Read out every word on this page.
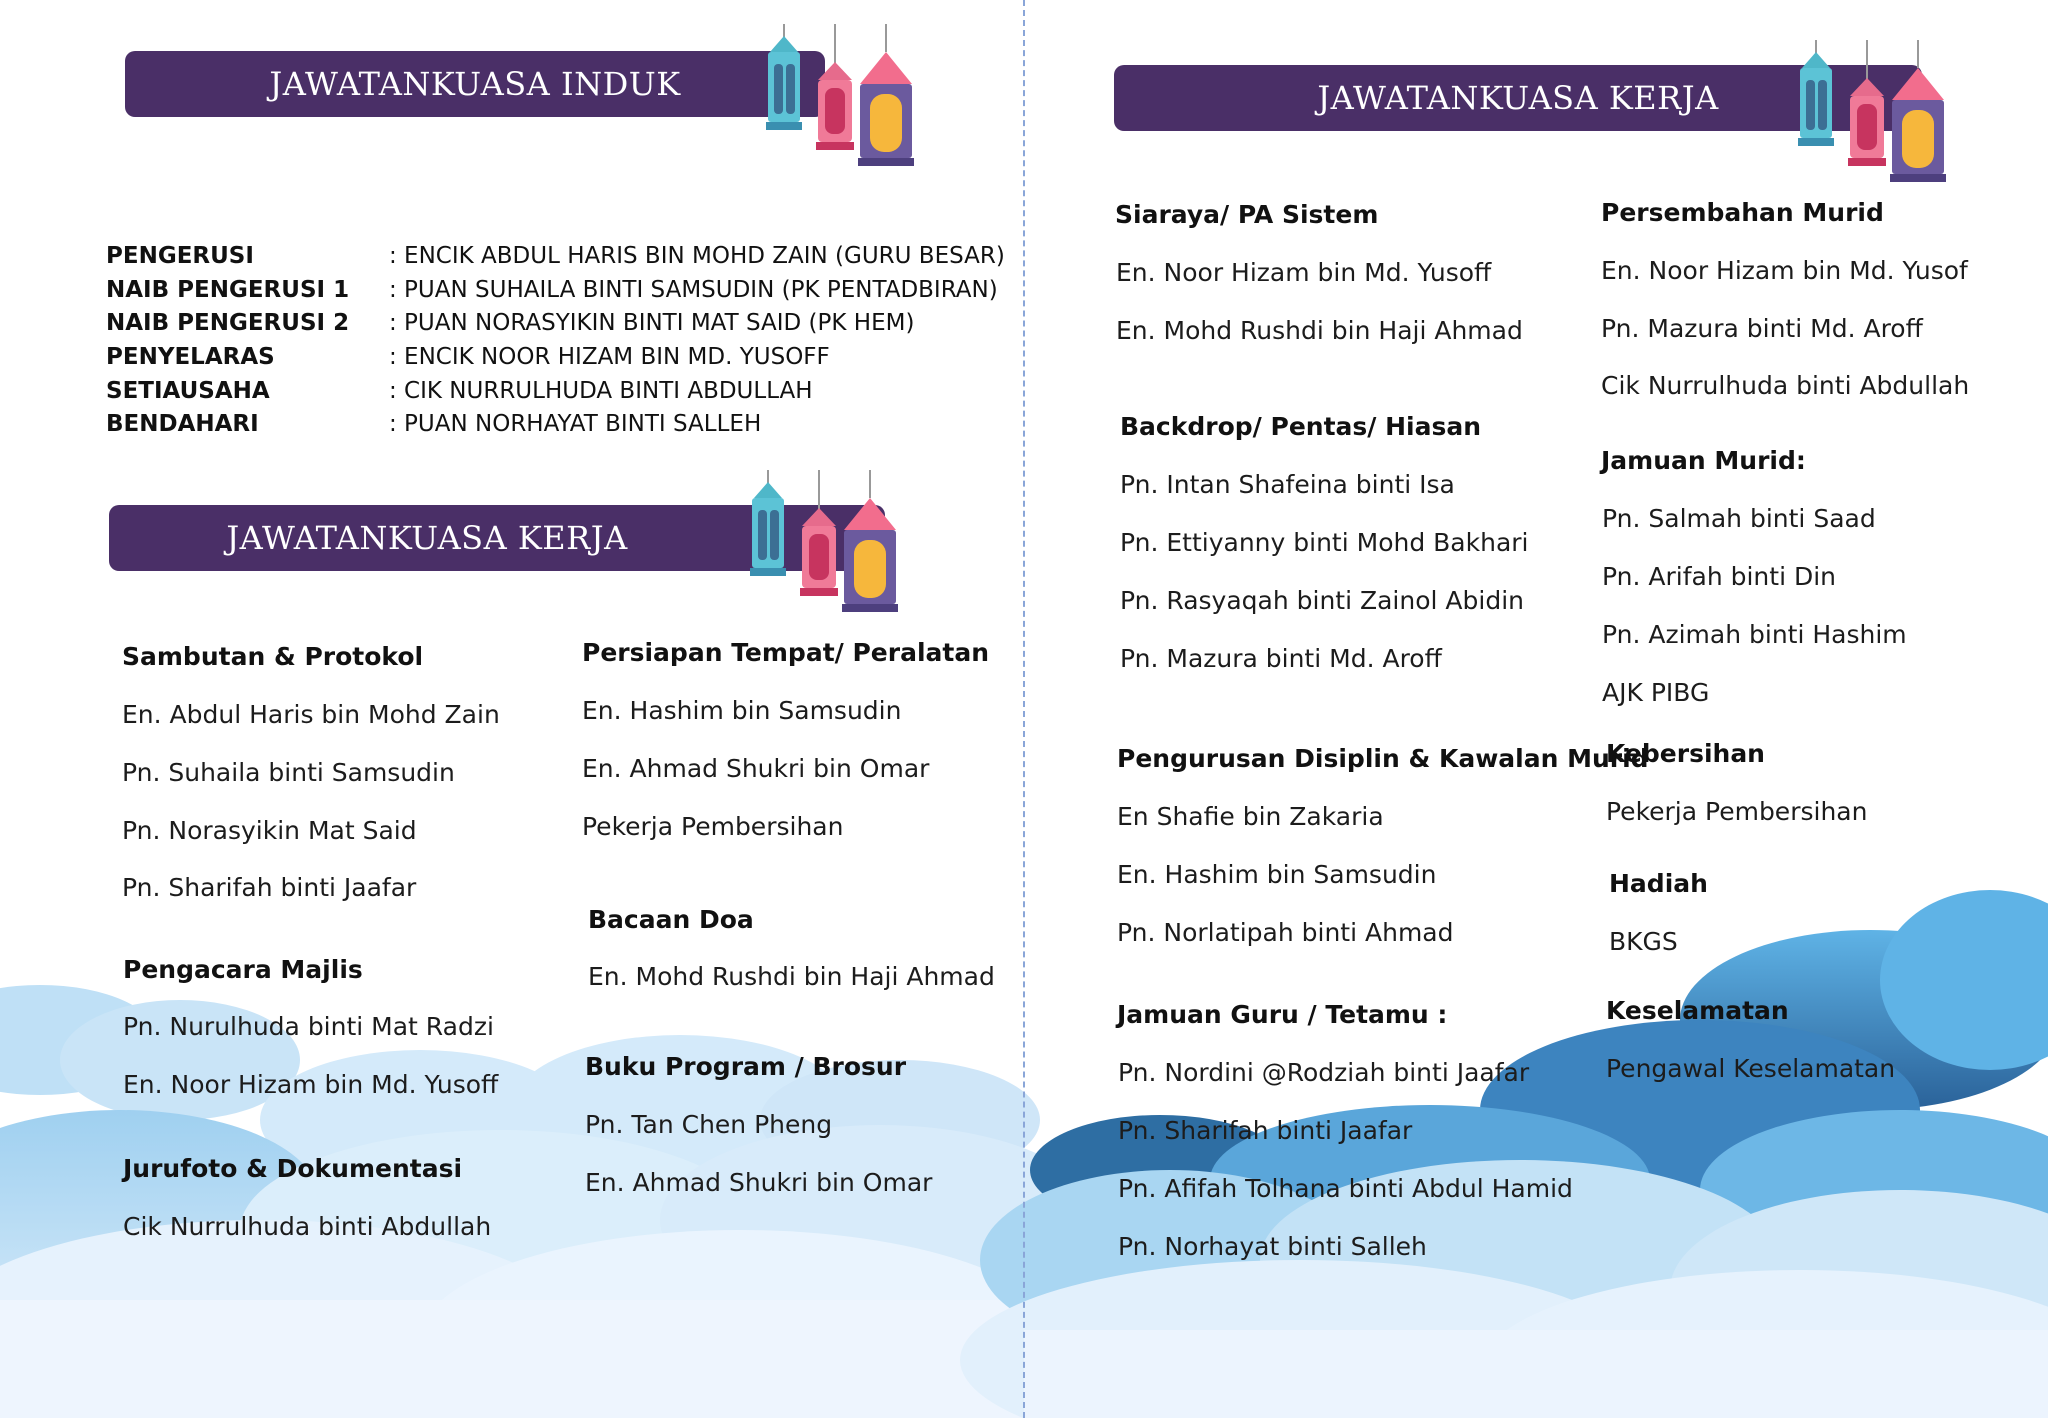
JAWATANKUASA INDUK
PENGERUSI	: ENCIK ABDUL HARIS BIN MOHD ZAIN (GURU BESAR)
NAIB PENGERUSI 1 : PUAN SUHAILA BINTI SAMSUDIN (PK PENTADBIRAN)
NAIB PENGERUSI 2 : PUAN NORASYIKIN BINTI MAT SAID (PK HEM)
PENYELARAS	: ENCIK NOOR HIZAM BIN MD. YUSOFF
SETIAUSAHA	: CIK NURRULHUDA BINTI ABDULLAH
BENDAHARI	: PUAN NORHAYAT BINTI SALLEH
JAWATANKUASA KERJA
Sambutan & Protokol
En. Abdul Haris bin Mohd Zain
Pn. Suhaila binti Samsudin
Pn. Norasyikin Mat Said
Pn. Sharifah binti Jaafar
Pengacara Majlis
Pn. Nurulhuda binti Mat Radzi
En. Noor Hizam bin Md. Yusoff
Jurufoto & Dokumentasi
Cik Nurrulhuda binti Abdullah
Persiapan Tempat/ Peralatan
En. Hashim bin Samsudin
En. Ahmad Shukri bin Omar
Pekerja Pembersihan
Bacaan Doa
En. Mohd Rushdi bin Haji Ahmad
Buku Program / Brosur
Pn. Tan Chen Pheng
En. Ahmad Shukri bin Omar
JAWATANKUASA KERJA
Siaraya/ PA Sistem
En. Noor Hizam bin Md. Yusoff
En. Mohd Rushdi bin Haji Ahmad
Backdrop/ Pentas/ Hiasan
Pn. Intan Shafeina binti Isa
Pn. Ettiyanny binti Mohd Bakhari
Pn. Rasyaqah binti Zainol Abidin
Pn. Mazura binti Md. Aroff
Pengurusan Disiplin & Kawalan Murid
En Shafie bin Zakaria
En. Hashim bin Samsudin
Pn. Norlatipah binti Ahmad
Jamuan Guru / Tetamu :
Pn. Nordini @Rodziah binti Jaafar
Pn. Sharifah binti Jaafar
Pn. Afifah Tolhana binti Abdul Hamid
Pn. Norhayat binti Salleh
Persembahan Murid
En. Noor Hizam bin Md. Yusof
Pn. Mazura binti Md. Aroff
Cik Nurrulhuda binti Abdullah
Jamuan Murid:
Pn. Salmah binti Saad
Pn. Arifah binti Din
Pn. Azimah binti Hashim
AJK PIBG
Kebersihan
Pekerja Pembersihan
Hadiah
BKGS
Keselamatan
Pengawal Keselamatan
